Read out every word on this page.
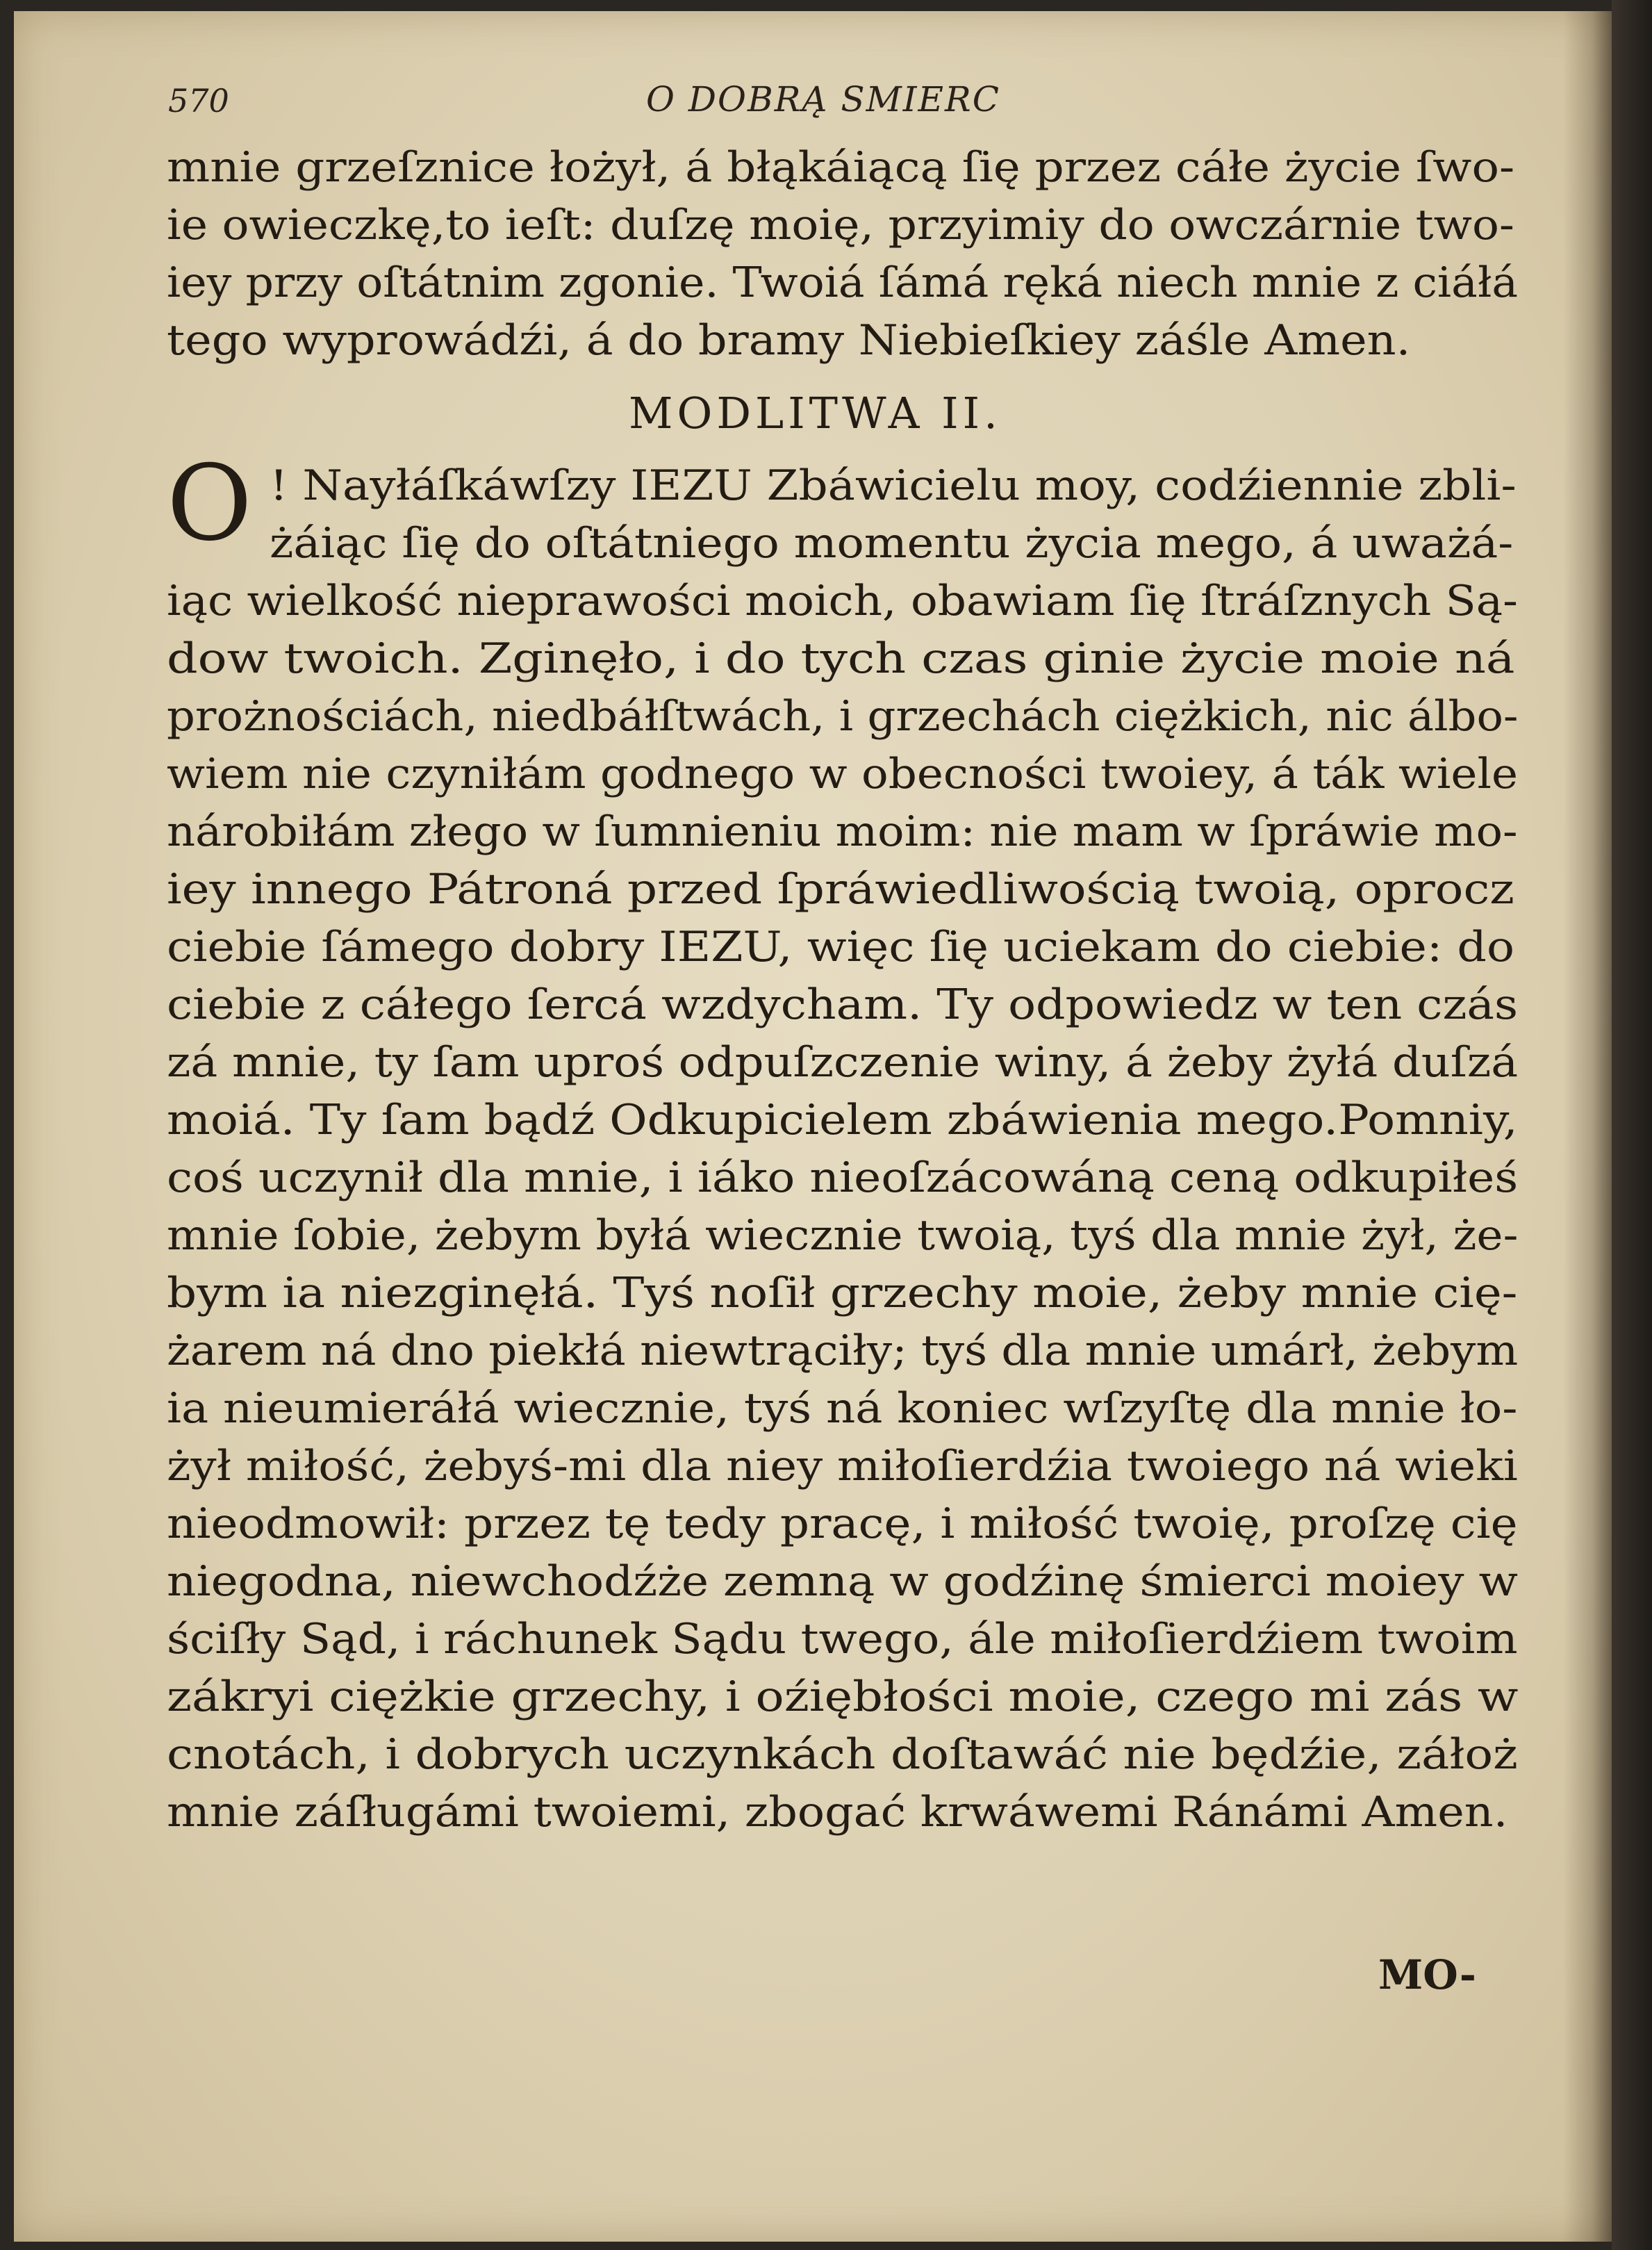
570	O DOBRĄ SMIERC

mnie grzeſznice łożył, á błąkáiącą ſię przez cáłe życie ſwo-

ie owieczkę,to ieſt: duſzę moię, przyimiy do owczárnie two-

iey przy oſtátnim zgonie. Twoiá ſámá ręká niech mnie z ciáłá

tego wyprowádźi, á do bramy Niebieſkiey záśle Amen.

! Nayłáſkáwſzy IEZU Zbáwicielu moy, codźiennie zbli-

żáiąc ſię do oſtátniego momentu życia mego, á uważá-

iąc wielkość nieprawości moich, obawiam ſię ſtráſznych Są-

dow twoich. Zginęło, i do tych czas ginie życie moie ná

prożnościách, niedbáłſtwách, i grzechách ciężkich, nic álbo-

wiem nie czyniłám godnego w obecności twoiey, á ták wiele

nárobiłám złego w ſumnieniu moim: nie mam w ſpráwie mo-

iey innego Pátroná przed ſpráwiedliwością twoią, oprocz

ciebie ſámego dobry IEZU, więc ſię uciekam do ciebie: do

ciebie z cáłego ſercá wzdycham. Ty odpowiedz w ten czás

zá mnie, ty ſam uproś odpuſzczenie winy, á żeby żyłá duſzá

moiá. Ty ſam bądź Odkupicielem zbáwienia mego.Pomniy,

coś uczynił dla mnie, i iáko nieoſzácowáną ceną odkupiłeś

mnie ſobie, żebym byłá wiecznie twoią, tyś dla mnie żył, że-

bym ia niezginęłá. Tyś noſił grzechy moie, żeby mnie cię-

żarem ná dno piekłá niewtrąciły; tyś dla mnie umárł, żebym

ia nieumieráłá wiecznie, tyś ná koniec wſzyſtę dla mnie ło-

żył miłość, żebyś-mi dla niey miłoſierdźia twoiego ná wieki

nieodmowił: przez tę tedy pracę, i miłość twoię, proſzę cię

niegodna, niewchodźże zemną w godźinę śmierci moiey w

ściſły Sąd, i ráchunek Sądu twego, ále miłoſierdźiem twoim

zákryi ciężkie grzechy, i oźiębłości moie, czego mi zás w

cnotách, i dobrych uczynkách doſtawáć nie będźie, záłoż

mnie záſługámi twoiemi, zbogać krwáwemi Ránámi Amen.

MODLITWA II.
O
MO-
